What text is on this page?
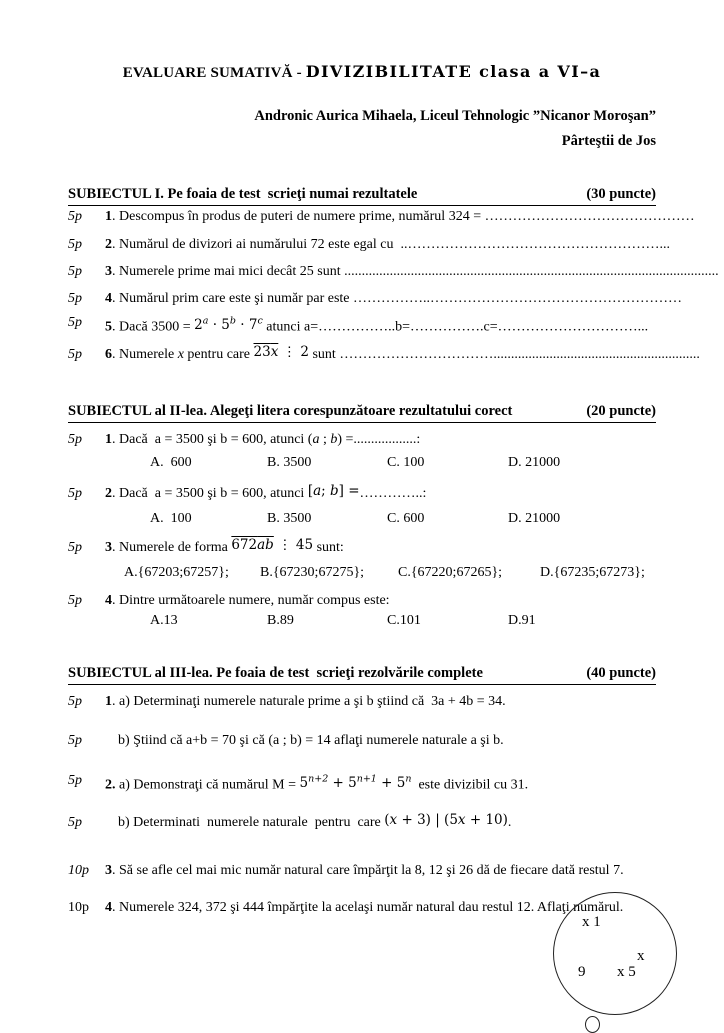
EVALUARE SUMATIVĂ - DIVIZIBILITATE clasa a VI–a
Andronic Aurica Mihaela, Liceul Tehnologic ”Nicanor Moroşan”
Pârteştii de Jos
SUBIECTUL I. Pe foaia de test  scrieţi numai rezultatele	(30 puncte)
5p	1. Descompus în produs de puteri de numere prime, numărul 324 = ………………………………………
5p	2. Numărul de divizori ai numărului 72 este egal cu  ..………………………………………………...
5p	3. Numerele prime mai mici decât 25 sunt ...........................................................................................................
5p	4. Numărul prim care este şi număr par este ……………..………………………………………………
5p	5. Dacă $3500 = 2^a \cdot 5^b \cdot 7^c$ atunci a=……………..b=…………….c=…………………………...
5p	6. Numerele x pentru care 23x ⋮ 2 sunt ……………………………...........................................................
SUBIECTUL al II-lea. Alegeţi litera corespunzătoare rezultatului corect	(20 puncte)
5p	1. Dacă  a = 3500 şi b = 600, atunci (a ; b) =..................:
A.  600	B. 3500	C. 100	D. 21000
5p	2. Dacă  a = 3500 şi b = 600, atunci [a; b] =…………..:
A.  100	B. 3500	C. 600	D. 21000
5p	3. Numerele de forma 672ab ⋮ 45 sunt:
A.{67203;67257}; B.{67230;67275}; C.{67220;67265};	D.{67235;67273};
5p	4. Dintre următoarele numere, număr compus este:
A.13	B.89	C.101	D.91
SUBIECTUL al III-lea. Pe foaia de test  scrieţi rezolvările complete	(40 puncte)
5p	1. a) Determinaţi numerele naturale prime a şi b ştiind că  3a + 4b = 34.
5p	b) Ştiind că a+b = 70 şi că (a ; b) = 14 aflaţi numerele naturale a şi b.
5p	2. a) Demonstraţi că numărul $M = 5^{n+2} + 5^{n+1} + 5^n$  este divizibil cu 31.
5p	b) Determinati  numerele naturale  pentru  care (x + 3) | (5x + 10).
10p	3. Să se afle cel mai mic număr natural care împărţit la 8, 12 şi 26 dă de fiecare dată restul 7.
10p	4. Numerele 324, 372 şi 444 împărţite la acelaşi număr natural dau restul 12. Aflaţi numărul.
x 1
x
9 x 5
